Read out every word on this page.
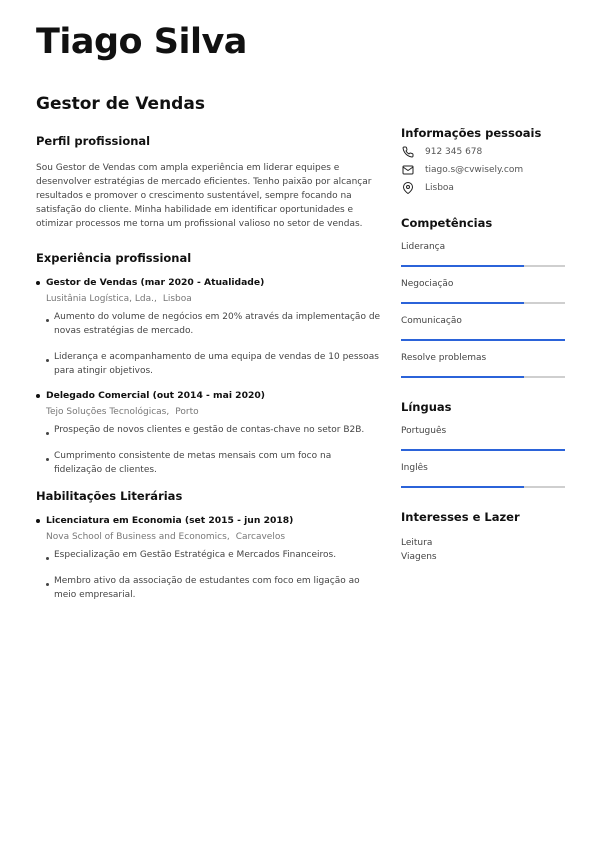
Tiago Silva
Gestor de Vendas
Perfil profissional

Sou Gestor de Vendas com ampla experiência em liderar equipes e desenvolver estratégias de mercado eficientes. Tenho paixão por alcançar resultados e promover o crescimento sustentável, sempre focando na satisfação do cliente. Minha habilidade em identificar oportunidades e otimizar processos me torna um profissional valioso no setor de vendas.

Experiência profissional
Gestor de Vendas (mar 2020 - Atualidade)
Lusitânia Logística, Lda., Lisboa
Aumento do volume de negócios em 20% através da implementação de novas estratégias de mercado.
Liderança e acompanhamento de uma equipa de vendas de 10 pessoas para atingir objetivos.
Delegado Comercial (out 2014 - mai 2020)
Tejo Soluções Tecnológicas, Porto
Prospeção de novos clientes e gestão de contas-chave no setor B2B.
Cumprimento consistente de metas mensais com um foco na fidelização de clientes.
Habilitações Literárias
Licenciatura em Economia (set 2015 - jun 2018)
Nova School of Business and Economics, Carcavelos
Especialização em Gestão Estratégica e Mercados Financeiros.
Membro ativo da associação de estudantes com foco em ligação ao meio empresarial.
Informações pessoais
912 345 678
tiago.s@cvwisely.com
Lisboa
Competências
Liderança
Negociação
Comunicação
Resolve problemas
Línguas
Português
Inglês
Interesses e Lazer
Leitura
Viagens
